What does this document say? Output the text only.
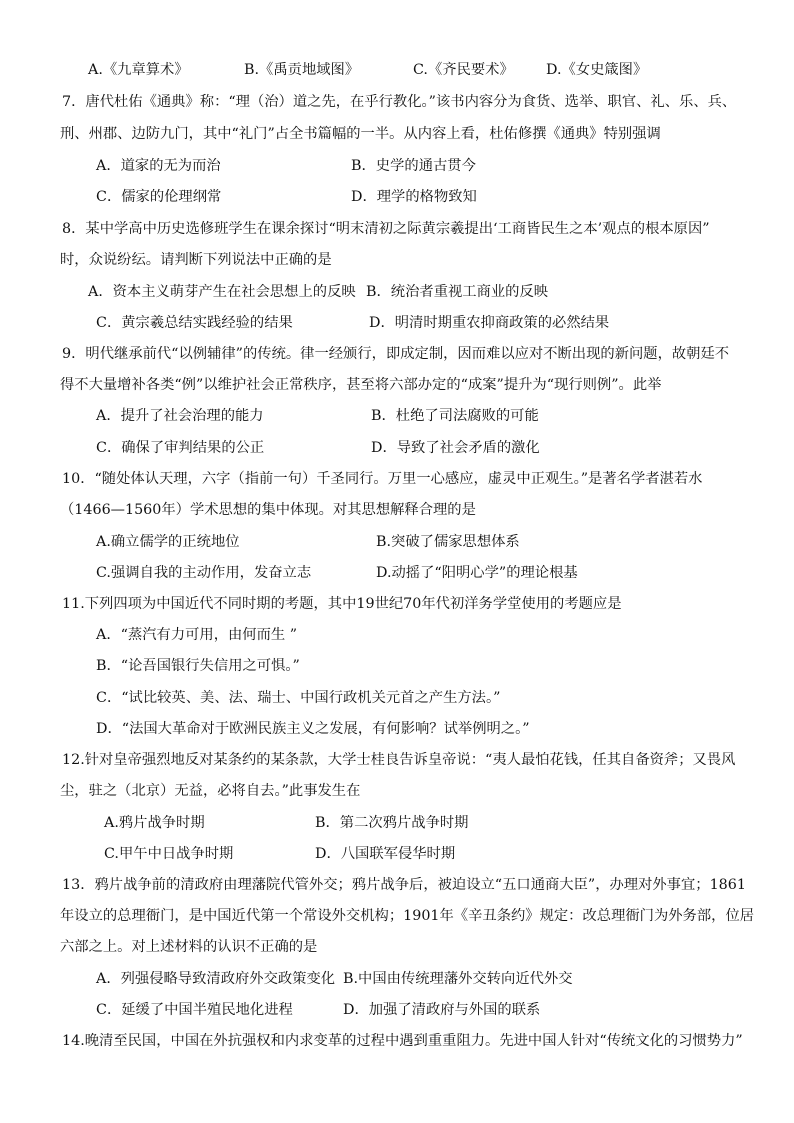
A.《九章算术》	B.《禹贡地域图》	C.《齐民要术》 D.《女史箴图》
7．唐代杜佑《通典》称：“理（治）道之先，在乎行教化。”该书内容分为食货、选举、职官、礼、乐、兵、
刑、州郡、边防九门，其中“礼门”占全书篇幅的一半。从内容上看，杜佑修撰《通典》特别强调
A．道家的无为而治	B．史学的通古贯今
C．儒家的伦理纲常	D．理学的格物致知
8．某中学高中历史选修班学生在课余探讨“明末清初之际黄宗羲提出‘工商皆民生之本’观点的根本原因”
时，众说纷纭。请判断下列说法中正确的是
A．资本主义萌芽产生在社会思想上的反映 B．统治者重视工商业的反映
C．黄宗羲总结实践经验的结果	D．明清时期重农抑商政策的必然结果
9．明代继承前代“以例辅律”的传统。律一经颁行，即成定制，因而难以应对不断出现的新问题，故朝廷不
得不大量增补各类“例”以维护社会正常秩序，甚至将六部办定的“成案”提升为“现行则例”。此举
A．提升了社会治理的能力	B．杜绝了司法腐败的可能
C．确保了审判结果的公正	D．导致了社会矛盾的激化
10．“随处体认天理，六字（指前一句）千圣同行。万里一心感应，虚灵中正观生。”是著名学者湛若水
（1466—1560年）学术思想的集中体现。对其思想解释合理的是
A.确立儒学的正统地位	B.突破了儒家思想体系
C.强调自我的主动作用，发奋立志	D.动摇了“阳明心学”的理论根基
11.下列四项为中国近代不同时期的考题，其中19世纪70年代初洋务学堂使用的考题应是
A．“蒸汽有力可用，由何而生 ”
B．“论吾国银行失信用之可惧。”
C．“试比较英、美、法、瑞士、中国行政机关元首之产生方法。”
D．“法国大革命对于欧洲民族主义之发展，有何影响？试举例明之。”
12.针对皇帝强烈地反对某条约的某条款，大学士桂良告诉皇帝说：“夷人最怕花钱，任其自备资斧；又畏风
尘，驻之（北京）无益，必将自去。”此事发生在
A.鸦片战争时期	B．第二次鸦片战争时期
C.甲午中日战争时期	D．八国联军侵华时期
13．鸦片战争前的清政府由理藩院代管外交；鸦片战争后，被迫设立“五口通商大臣”，办理对外事宜；1861
年设立的总理衙门，是中国近代第一个常设外交机构；1901年《辛丑条约》规定：改总理衙门为外务部，位居
六部之上。对上述材料的认识不正确的是
A．列强侵略导致清政府外交政策变化 B.中国由传统理藩外交转向近代外交
C．延缓了中国半殖民地化进程	D．加强了清政府与外国的联系
14.晚清至民国，中国在外抗强权和内求变革的过程中遇到重重阻力。先进中国人针对“传统文化的习惯势力”
